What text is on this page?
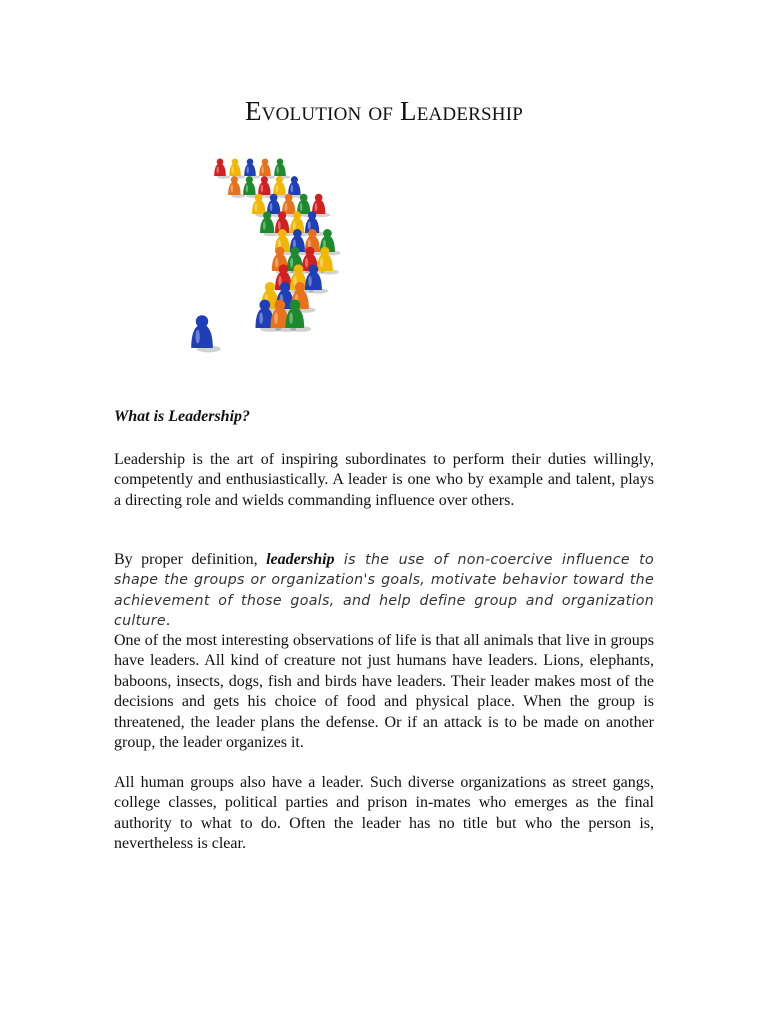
Evolution of Leadership
What is Leadership?

Leadership is the art of inspiring subordinates to perform their duties willingly, competently and enthusiastically. A leader is one who by example and talent, plays a directing role and wields commanding influence over others.

By proper definition, leadership is the use of non-coercive influence to shape the groups or organization's goals, motivate behavior toward the achievement of those goals, and help define group and organization culture.

One of the most interesting observations of life is that all animals that live in groups have leaders. All kind of creature not just humans have leaders. Lions, elephants, baboons, insects, dogs, fish and birds have leaders. Their leader makes most of the decisions and gets his choice of food and physical place. When the group is threatened, the leader plans the defense. Or if an attack is to be made on another group, the leader organizes it.

All human groups also have a leader. Such diverse organizations as street gangs, college classes, political parties and prison in-mates who emerges as the final authority to what to do. Often the leader has no title but who the person is, nevertheless is clear.
